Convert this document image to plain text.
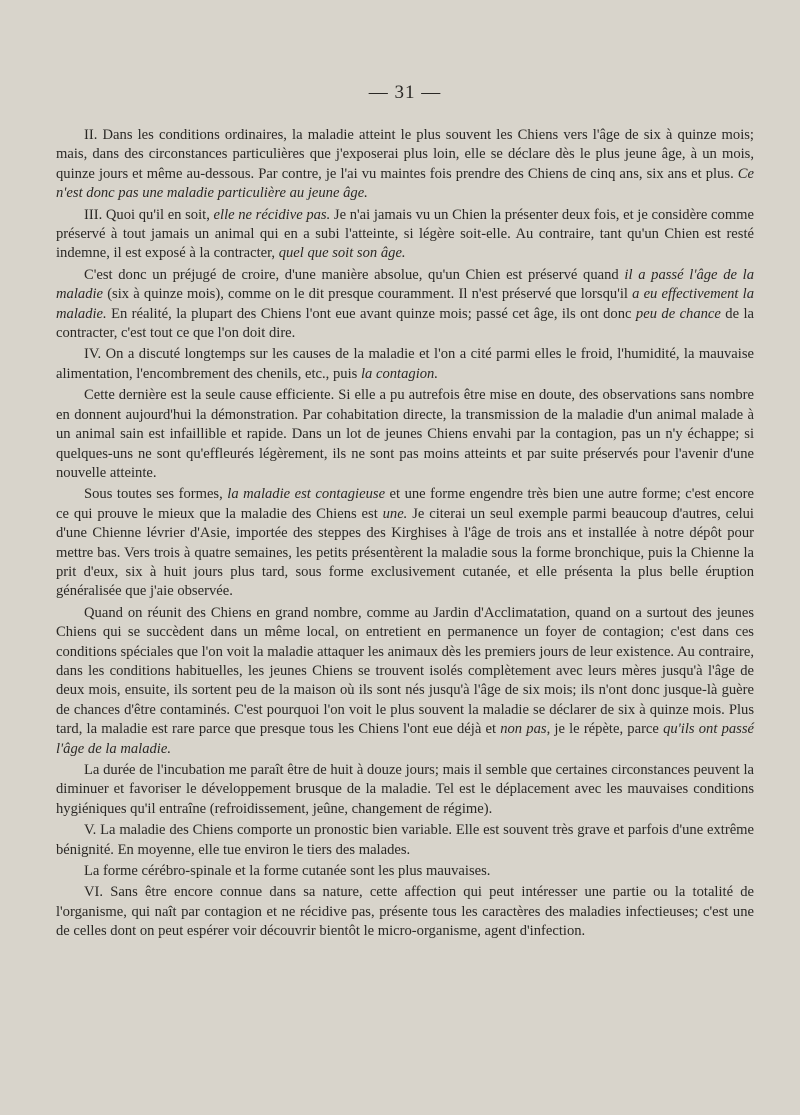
— 31 —

II. Dans les conditions ordinaires, la maladie atteint le plus souvent les Chiens vers l'âge de six à quinze mois; mais, dans des circonstances particulières que j'exposerai plus loin, elle se déclare dès le plus jeune âge, à un mois, quinze jours et même au-dessous. Par contre, je l'ai vu maintes fois prendre des Chiens de cinq ans, six ans et plus. Ce n'est donc pas une maladie particulière au jeune âge.

III. Quoi qu'il en soit, elle ne récidive pas. Je n'ai jamais vu un Chien la présenter deux fois, et je considère comme préservé à tout jamais un animal qui en a subi l'atteinte, si légère soit-elle. Au contraire, tant qu'un Chien est resté indemne, il est exposé à la contracter, quel que soit son âge.

C'est donc un préjugé de croire, d'une manière absolue, qu'un Chien est préservé quand il a passé l'âge de la maladie (six à quinze mois), comme on le dit presque couramment. Il n'est préservé que lorsqu'il a eu effectivement la maladie. En réalité, la plupart des Chiens l'ont eue avant quinze mois; passé cet âge, ils ont donc peu de chance de la contracter, c'est tout ce que l'on doit dire.

IV. On a discuté longtemps sur les causes de la maladie et l'on a cité parmi elles le froid, l'humidité, la mauvaise alimentation, l'encombrement des chenils, etc., puis la contagion.

Cette dernière est la seule cause efficiente. Si elle a pu autrefois être mise en doute, des observations sans nombre en donnent aujourd'hui la démonstration. Par cohabitation directe, la transmission de la maladie d'un animal malade à un animal sain est infaillible et rapide. Dans un lot de jeunes Chiens envahi par la contagion, pas un n'y échappe; si quelques-uns ne sont qu'effleurés légèrement, ils ne sont pas moins atteints et par suite préservés pour l'avenir d'une nouvelle atteinte.

Sous toutes ses formes, la maladie est contagieuse et une forme engendre très bien une autre forme; c'est encore ce qui prouve le mieux que la maladie des Chiens est une. Je citerai un seul exemple parmi beaucoup d'autres, celui d'une Chienne lévrier d'Asie, importée des steppes des Kirghises à l'âge de trois ans et installée à notre dépôt pour mettre bas. Vers trois à quatre semaines, les petits présentèrent la maladie sous la forme bronchique, puis la Chienne la prit d'eux, six à huit jours plus tard, sous forme exclusivement cutanée, et elle présenta la plus belle éruption généralisée que j'aie observée.

Quand on réunit des Chiens en grand nombre, comme au Jardin d'Acclimatation, quand on a surtout des jeunes Chiens qui se succèdent dans un même local, on entretient en permanence un foyer de contagion; c'est dans ces conditions spéciales que l'on voit la maladie attaquer les animaux dès les premiers jours de leur existence. Au contraire, dans les conditions habituelles, les jeunes Chiens se trouvent isolés complètement avec leurs mères jusqu'à l'âge de deux mois, ensuite, ils sortent peu de la maison où ils sont nés jusqu'à l'âge de six mois; ils n'ont donc jusque-là guère de chances d'être contaminés. C'est pourquoi l'on voit le plus souvent la maladie se déclarer de six à quinze mois. Plus tard, la maladie est rare parce que presque tous les Chiens l'ont eue déjà et non pas, je le répète, parce qu'ils ont passé l'âge de la maladie.

La durée de l'incubation me paraît être de huit à douze jours; mais il semble que certaines circonstances peuvent la diminuer et favoriser le développement brusque de la maladie. Tel est le déplacement avec les mauvaises conditions hygiéniques qu'il entraîne (refroidissement, jeûne, changement de régime).

V. La maladie des Chiens comporte un pronostic bien variable. Elle est souvent très grave et parfois d'une extrême bénignité. En moyenne, elle tue environ le tiers des malades.

La forme cérébro-spinale et la forme cutanée sont les plus mauvaises.

VI. Sans être encore connue dans sa nature, cette affection qui peut intéresser une partie ou la totalité de l'organisme, qui naît par contagion et ne récidive pas, présente tous les caractères des maladies infectieuses; c'est une de celles dont on peut espérer voir découvrir bientôt le micro-organisme, agent d'infection.
